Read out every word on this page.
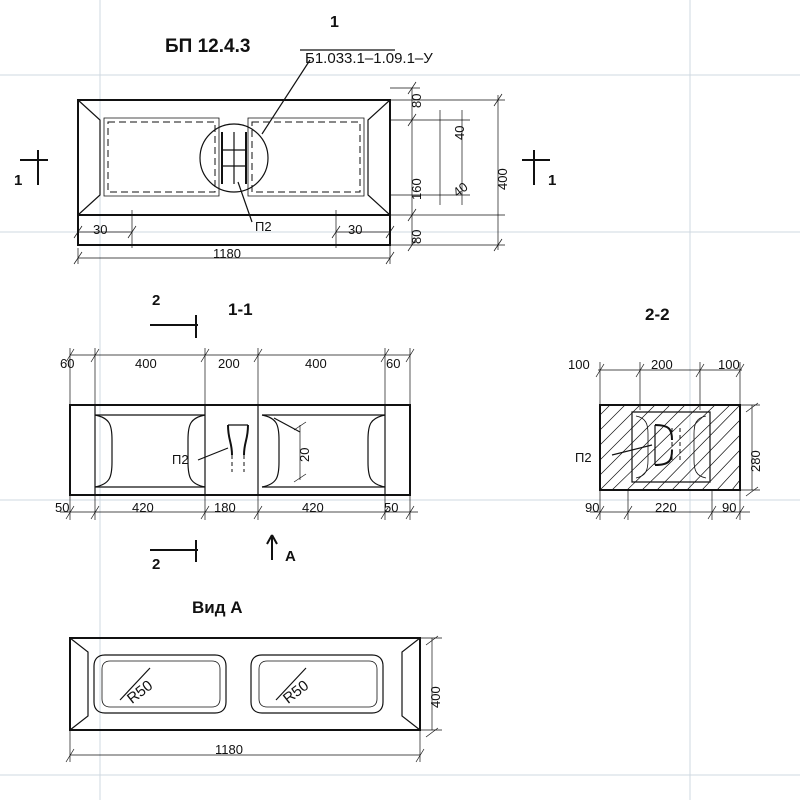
БП 12.4.3
Б1.033.1–1.09.1–У
1
П2
1	1
30	30
1180
80
160
80
40
40 400
1-1	2-2
Вид А
2
2	А
60	400	200	400	60
50	420	180	420	50
20
П2
100	200	100
90	220	90
280
П2
R50	R50
1180
400
